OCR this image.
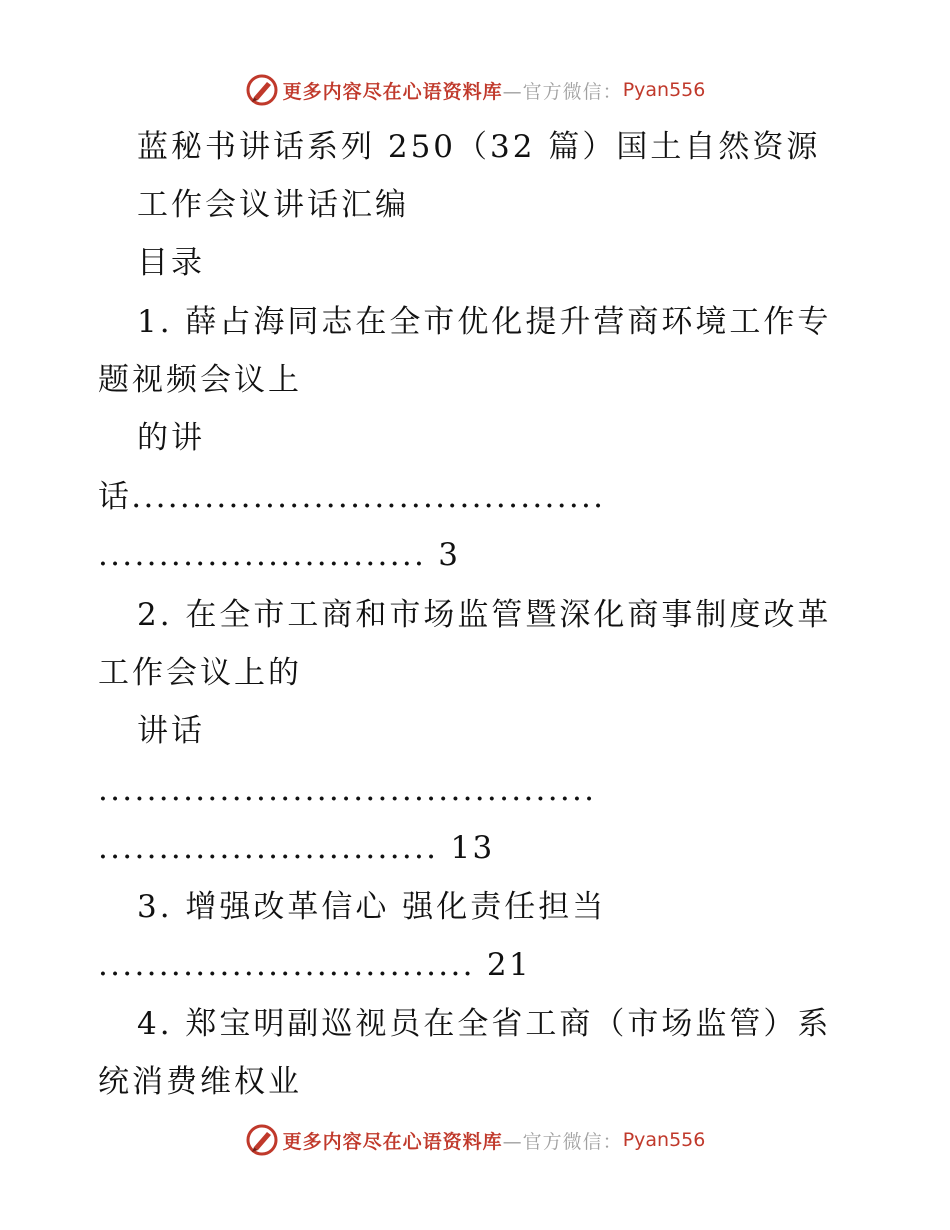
更多内容尽在心语资料库 —官方微信： Pyan556
蓝秘书讲话系列 250（32 篇）国土自然资源
工作会议讲话汇编
目录
1. 薛占海同志在全市优化提升营商环境工作专
题视频会议上
的讲
话.......................................
........................... 3
2. 在全市工商和市场监管暨深化商事制度改革
工作会议上的
讲话
.........................................
............................ 13
3. 增强改革信心 强化责任担当
............................... 21
4. 郑宝明副巡视员在全省工商（市场监管）系
统消费维权业
更多内容尽在心语资料库 —官方微信： Pyan556
